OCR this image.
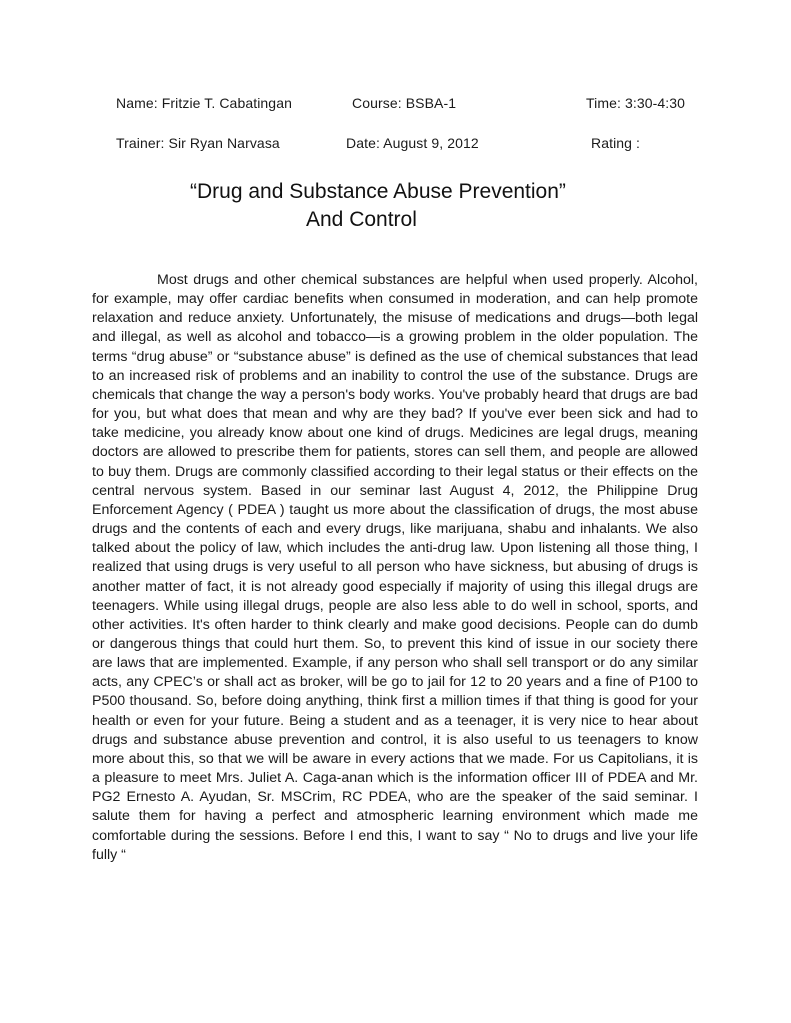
Name: Fritzie T. Cabatingan	Course: BSBA-1	Time: 3:30-4:30
Trainer: Sir Ryan Narvasa	Date: August 9, 2012	Rating :
“Drug and Substance Abuse Prevention”
And Control

Most drugs and other chemical substances are helpful when used properly. Alcohol, for example, may offer cardiac benefits when consumed in moderation, and can help promote relaxation and reduce anxiety. Unfortunately, the misuse of medications and drugs—both legal and illegal, as well as alcohol and tobacco—is a growing problem in the older population. The terms “drug abuse” or “substance abuse” is defined as the use of chemical substances that lead to an increased risk of problems and an inability to control the use of the substance. Drugs are chemicals that change the way a person's body works. You've probably heard that drugs are bad for you, but what does that mean and why are they bad? If you've ever been sick and had to take medicine, you already know about one kind of drugs. Medicines are legal drugs, meaning doctors are allowed to prescribe them for patients, stores can sell them, and people are allowed to buy them. Drugs are commonly classified according to their legal status or their effects on the central nervous system. Based in our seminar last August 4, 2012, the Philippine Drug Enforcement Agency ( PDEA ) taught us more about the classification of drugs, the most abuse drugs and the contents of each and every drugs, like marijuana, shabu and inhalants. We also talked about the policy of law, which includes the anti-drug law. Upon listening all those thing, I realized that using drugs is very useful to all person who have sickness, but abusing of drugs is another matter of fact, it is not already good especially if majority of using this illegal drugs are teenagers. While using illegal drugs, people are also less able to do well in school, sports, and other activities. It's often harder to think clearly and make good decisions. People can do dumb or dangerous things that could hurt them. So, to prevent this kind of issue in our society there are laws that are implemented. Example, if any person who shall sell transport or do any similar acts, any CPEC’s or shall act as broker, will be go to jail for 12 to 20 years and a fine of P100 to P500 thousand. So, before doing anything, think first a million times if that thing is good for your health or even for your future. Being a student and as a teenager, it is very nice to hear about drugs and substance abuse prevention and control, it is also useful to us teenagers to know more about this, so that we will be aware in every actions that we made. For us Capitolians, it is a pleasure to meet Mrs. Juliet A. Caga-anan which is the information officer III of PDEA and Mr. PG2 Ernesto A. Ayudan, Sr. MSCrim, RC PDEA, who are the speaker of the said seminar. I salute them for having a perfect and atmospheric learning environment which made me comfortable during the sessions. Before I end this, I want to say “ No to drugs and live your life fully “
